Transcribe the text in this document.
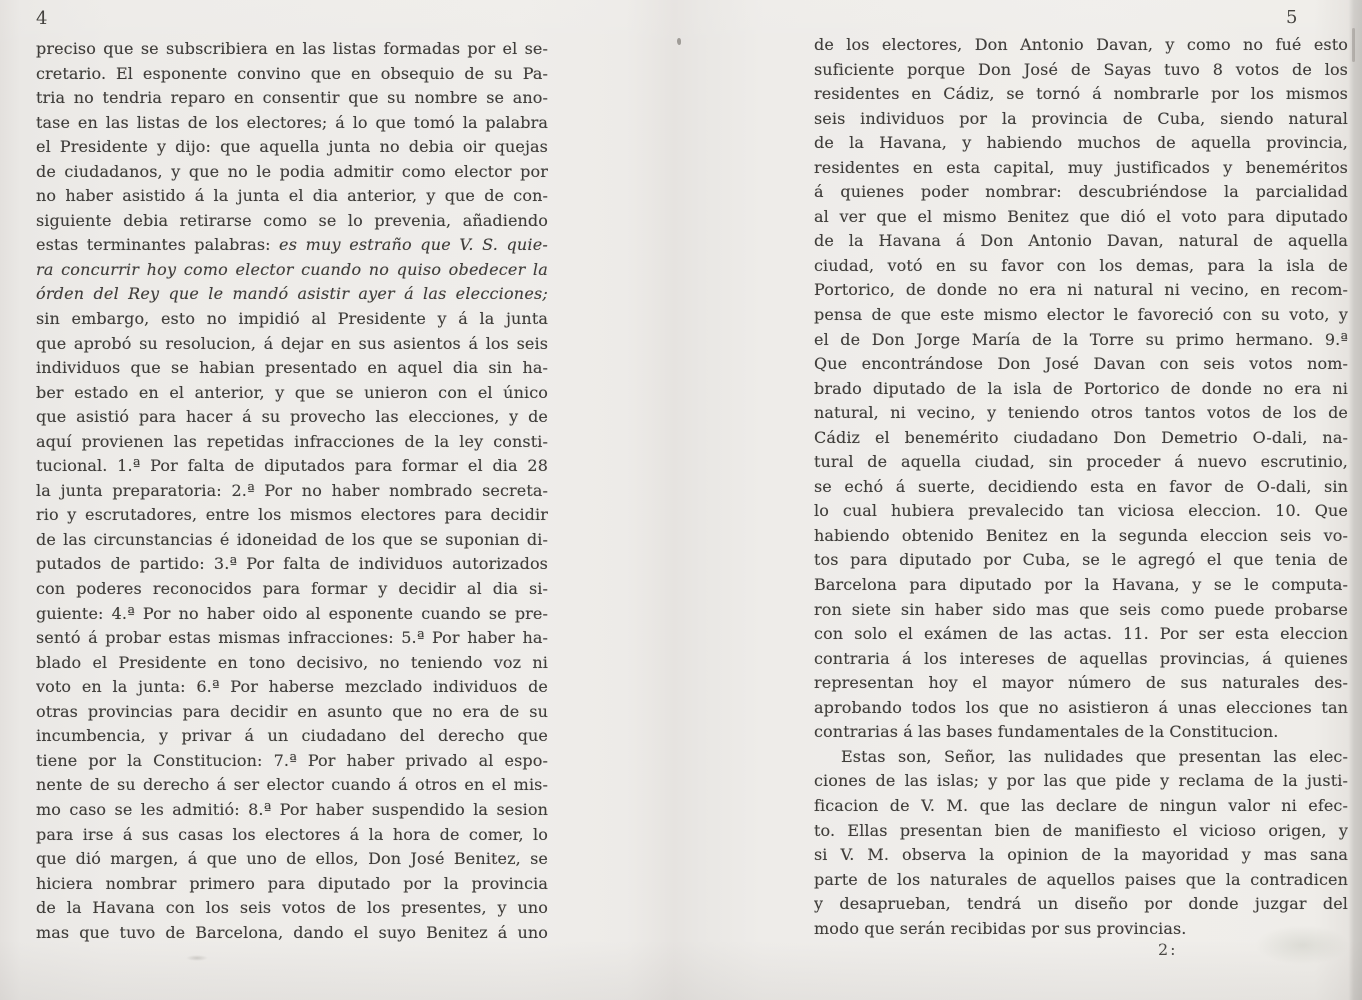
4	5
preciso que se subscribiera en las listas formadas por el se-
cretario. El esponente convino que en obsequio de su Pa-
tria no tendria reparo en consentir que su nombre se ano-
tase en las listas de los electores; á lo que tomó la palabra
el Presidente y dijo: que aquella junta no debia oir quejas
de ciudadanos, y que no le podia admitir como elector por
no haber asistido á la junta el dia anterior, y que de con-
siguiente debia retirarse como se lo prevenia, añadiendo
estas terminantes palabras: es muy estraño que V. S. quie-
ra concurrir hoy como elector cuando no quiso obedecer la
órden del Rey que le mandó asistir ayer á las elecciones;
sin embargo, esto no impidió al Presidente y á la junta
que aprobó su resolucion, á dejar en sus asientos á los seis
individuos que se habian presentado en aquel dia sin ha-
ber estado en el anterior, y que se unieron con el único
que asistió para hacer á su provecho las elecciones, y de
aquí provienen las repetidas infracciones de la ley consti-
tucional. 1.ª Por falta de diputados para formar el dia 28
la junta preparatoria: 2.ª Por no haber nombrado secreta-
rio y escrutadores, entre los mismos electores para decidir
de las circunstancias é idoneidad de los que se suponian di-
putados de partido: 3.ª Por falta de individuos autorizados
con poderes reconocidos para formar y decidir al dia si-
guiente: 4.ª Por no haber oido al esponente cuando se pre-
sentó á probar estas mismas infracciones: 5.ª Por haber ha-
blado el Presidente en tono decisivo, no teniendo voz ni
voto en la junta: 6.ª Por haberse mezclado individuos de
otras provincias para decidir en asunto que no era de su
incumbencia, y privar á un ciudadano del derecho que
tiene por la Constitucion: 7.ª Por haber privado al espo-
nente de su derecho á ser elector cuando á otros en el mis-
mo caso se les admitió: 8.ª Por haber suspendido la sesion
para irse á sus casas los electores á la hora de comer, lo
que dió margen, á que uno de ellos, Don José Benitez, se
hiciera nombrar primero para diputado por la provincia
de la Havana con los seis votos de los presentes, y uno
mas que tuvo de Barcelona, dando el suyo Benitez á uno
de los electores, Don Antonio Davan, y como no fué esto
suficiente porque Don José de Sayas tuvo 8 votos de los
residentes en Cádiz, se tornó á nombrarle por los mismos
seis individuos por la provincia de Cuba, siendo natural
de la Havana, y habiendo muchos de aquella provincia,
residentes en esta capital, muy justificados y beneméritos
á quienes poder nombrar: descubriéndose la parcialidad
al ver que el mismo Benitez que dió el voto para diputado
de la Havana á Don Antonio Davan, natural de aquella
ciudad, votó en su favor con los demas, para la isla de
Portorico, de donde no era ni natural ni vecino, en recom-
pensa de que este mismo elector le favoreció con su voto, y
el de Don Jorge María de la Torre su primo hermano. 9.ª
Que encontrándose Don José Davan con seis votos nom-
brado diputado de la isla de Portorico de donde no era ni
natural, ni vecino, y teniendo otros tantos votos de los de
Cádiz el benemérito ciudadano Don Demetrio O-dali, na-
tural de aquella ciudad, sin proceder á nuevo escrutinio,
se echó á suerte, decidiendo esta en favor de O-dali, sin
lo cual hubiera prevalecido tan viciosa eleccion. 10. Que
habiendo obtenido Benitez en la segunda eleccion seis vo-
tos para diputado por Cuba, se le agregó el que tenia de
Barcelona para diputado por la Havana, y se le computa-
ron siete sin haber sido mas que seis como puede probarse
con solo el exámen de las actas. 11. Por ser esta eleccion
contraria á los intereses de aquellas provincias, á quienes
representan hoy el mayor número de sus naturales des-
aprobando todos los que no asistieron á unas elecciones tan
contrarias á las bases fundamentales de la Constitucion.
Estas son, Señor, las nulidades que presentan las elec-
ciones de las islas; y por las que pide y reclama de la justi-
ficacion de V. M. que las declare de ningun valor ni efec-
to. Ellas presentan bien de manifiesto el vicioso origen, y
si V. M. observa la opinion de la mayoridad y mas sana
parte de los naturales de aquellos paises que la contradicen
y desaprueban, tendrá un diseño por donde juzgar del
modo que serán recibidas por sus provincias.
2:
